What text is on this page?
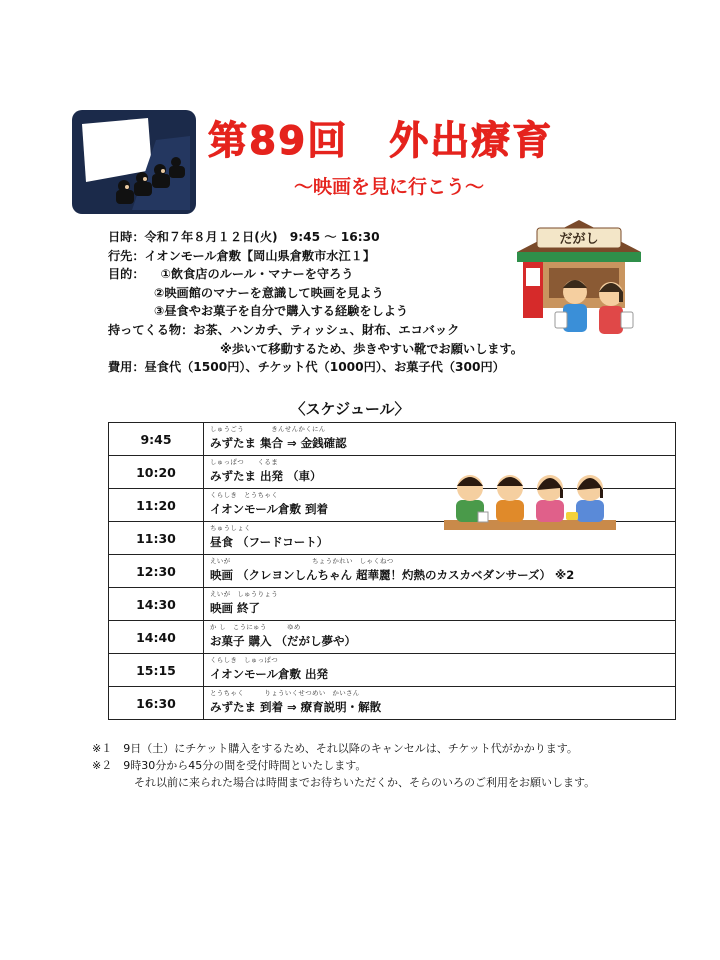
第89回　外出療育
～映画を見に行こう～
日時：令和７年８月１２日(火)　9:45 ～ 16:30
行先：イオンモール倉敷【岡山県倉敷市水江１】
目的： ①飲食店のルール・マナーを守ろう
②映画館のマナーを意識して映画を見よう
③昼食やお菓子を自分で購入する経験をしよう
持ってくる物：お茶、ハンカチ、ティッシュ、財布、エコバック
※歩いて移動するため、歩きやすい靴でお願いします。
費用：昼食代（1500円）、チケット代（1000円）、お菓子代（300円）
だがし
〈スケジュール〉
9:45	しゅうごう　　　　きんせんかくにん
みずたま 集合 ⇒ 金銭確認

10:20	しゅっぱつ　　くるま
みずたま 出発 （車）

11:20	くらしき　とうちゃく
イオンモール倉敷 到着

11:30	ちゅうしょく
昼食 （フードコート）

12:30	えいが　　　　　　　　　　　　ちょうかれい　しゃくねつ
映画 （クレヨンしんちゃん 超華麗！灼熱のカスカベダンサーズ） ※2

14:30	えいが　しゅうりょう
映画 終了

14:40	か し　こうにゅう　　　ゆめ
お菓子 購入 （だがし夢や）

15:15	くらしき　しゅっぱつ
イオンモール倉敷 出発

16:30	とうちゃく　　　りょういくせつめい　かいさん
みずたま 到着 ⇒ 療育説明・解散
※１　9日（土）にチケット購入をするため、それ以降のキャンセルは、チケット代がかかります。
※２　9時30分から45分の間を受付時間といたします。
それ以前に来られた場合は時間までお待ちいただくか、そらのいろのご利用をお願いします。
